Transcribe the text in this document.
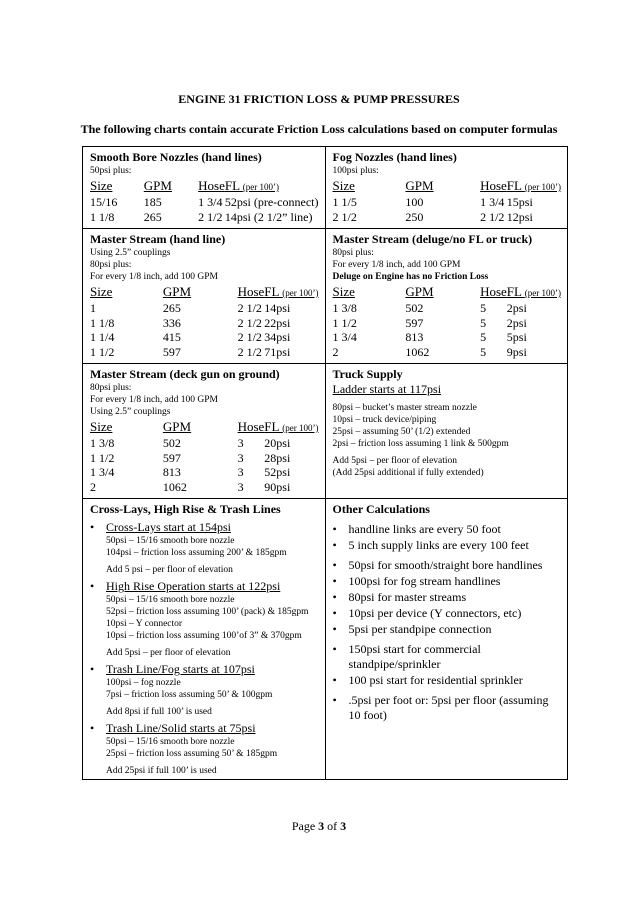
ENGINE 31 FRICTION LOSS & PUMP PRESSURES
The following charts contain accurate Friction Loss calculations based on computer formulas
Smooth Bore Nozzles (hand lines)
50psi plus:
Size	GPM	Hose	FL (per 100’)
15/16	185	1 3/4	52psi (pre-connect)
1 1/8	265	2 1/2	14psi (2 1/2” line)

Fog Nozzles (hand lines)
100psi plus:
Size	GPM	Hose	FL (per 100’)
1 1/5	100	1 3/4	15psi
2 1/2	250	2 1/2	12psi

Master Stream (hand line)
Using 2.5” couplings
80psi plus:
For every 1/8 inch, add 100 GPM
Size	GPM	Hose	FL (per 100’)
1	265	2 1/2	14psi
1 1/8	336	2 1/2	22psi
1 1/4	415	2 1/2	34psi
1 1/2	597	2 1/2	71psi

Master Stream (deluge/no FL or truck)
80psi plus:
For every 1/8 inch, add 100 GPM
Deluge on Engine has no Friction Loss
Size	GPM	Hose	FL (per 100’)
1 3/8	502	5	2psi
1 1/2	597	5	2psi
1 3/4	813	5	5psi
2	1062	5	9psi

Master Stream (deck gun on ground)
80psi plus:
For every 1/8 inch, add 100 GPM
Using 2.5” couplings
Size	GPM	Hose	FL (per 100’)
1 3/8	502	3	20psi
1 1/2	597	3	28psi
1 3/4	813	3	52psi
2	1062	3	90psi

Truck Supply
Ladder starts at 117psi
80psi – bucket’s master stream nozzle
10psi – truck device/piping
25psi – assuming 50’ (1/2) extended
2psi – friction loss assuming 1 link & 500gpm
Add 5psi – per floor of elevation
(Add 25psi additional if fully extended)

Cross-Lays, High Rise & Trash Lines
• Cross-Lays start at 154psi
50psi – 15/16 smooth bore nozzle
104psi – friction loss assuming 200’ & 185gpm
Add 5 psi – per floor of elevation
• High Rise Operation starts at 122psi
50psi – 15/16 smooth bore nozzle
52psi – friction loss assuming 100’ (pack) & 185gpm
10psi – Y connector
10psi – friction loss assuming 100’of 3” & 370gpm
Add 5psi – per floor of elevation
• Trash Line/Fog starts at 107psi
100psi – fog nozzle
7psi – friction loss assuming 50’ & 100gpm
Add 8psi if full 100’ is used
• Trash Line/Solid starts at 75psi
50psi – 15/16 smooth bore nozzle
25psi – friction loss assuming 50’ & 185gpm
Add 25psi if full 100’ is used

Other Calculations
• handline links are every 50 foot
• 5 inch supply links are every 100 feet
• 50psi for smooth/straight bore handlines
• 100psi for fog stream handlines
• 80psi for master streams
• 10psi per device (Y connectors, etc)
• 5psi per standpipe connection
• 150psi start for commercial standpipe/sprinkler
• 100 psi start for residential sprinkler
• .5psi per foot or: 5psi per floor (assuming 10 foot)
Page 3 of 3
